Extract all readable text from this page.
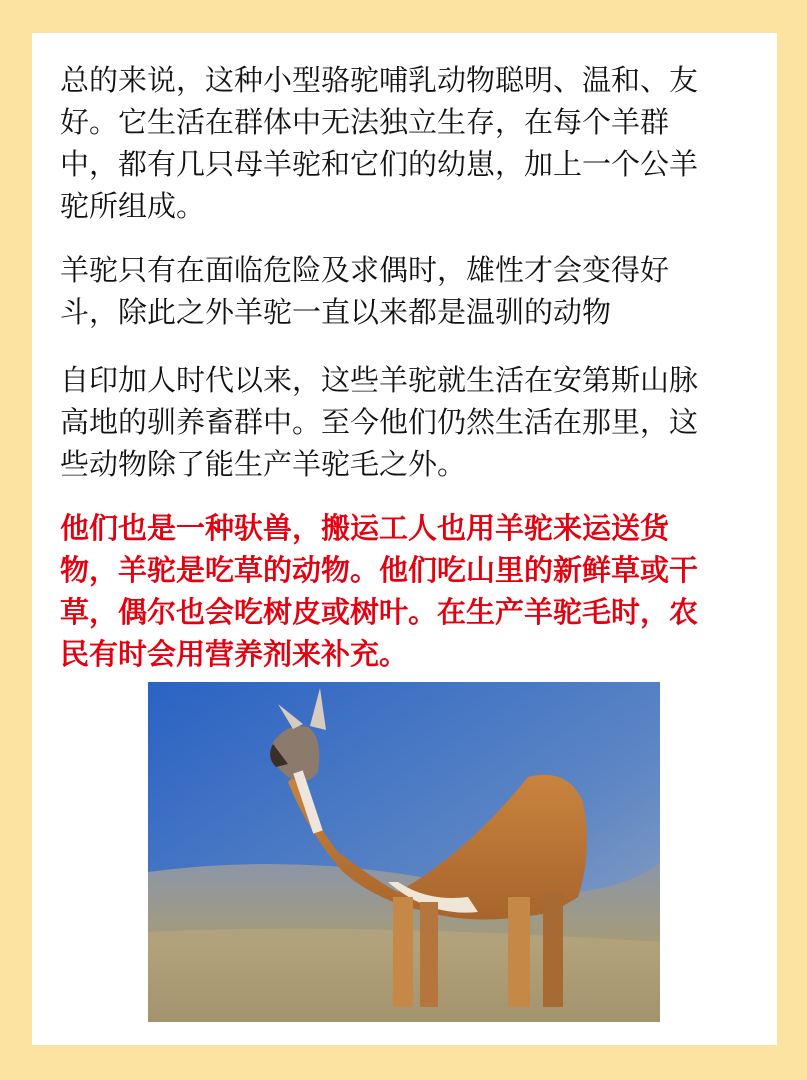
总的来说，这种小型骆驼哺乳动物聪明、温和、友
好。它生活在群体中无法独立生存，在每个羊群
中，都有几只母羊驼和它们的幼崽，加上一个公羊
驼所组成。
羊驼只有在面临危险及求偶时，雄性才会变得好
斗，除此之外羊驼一直以来都是温驯的动物
自印加人时代以来，这些羊驼就生活在安第斯山脉
高地的驯养畜群中。至今他们仍然生活在那里，这
些动物除了能生产羊驼毛之外。
他们也是一种驮兽，搬运工人也用羊驼来运送货
物，羊驼是吃草的动物。他们吃山里的新鲜草或干
草，偶尔也会吃树皮或树叶。在生产羊驼毛时，农
民有时会用营养剂来补充。
